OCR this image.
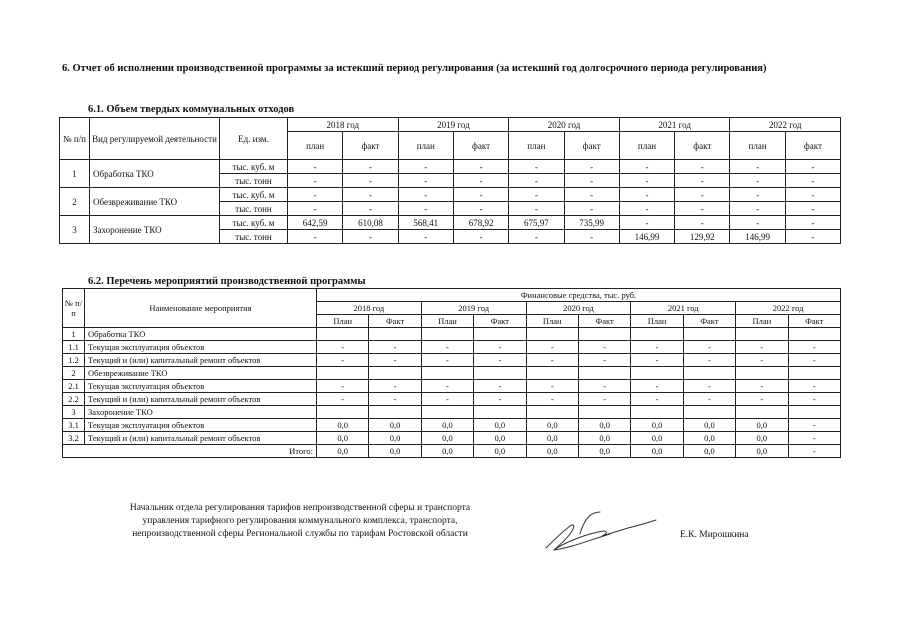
6. Отчет об исполнении производственной программы за истекший период регулирования (за истекший год долгосрочного периода регулирования)
6.1. Объем твердых коммунальных отходов
№ п/п	Вид регулируемой деятельности	Ед. изм.	2018 год		2019 год		2020 год		2021 год		2022 год	
			план	факт	план	факт	план	факт	план	факт	план	факт
1	Обработка ТКО	тыс. куб. м	-	-	-	-	-	-	-	-	-	-
		тыс. тонн	-	-	-	-	-	-	-	-	-	-
2	Обезвреживание ТКО	тыс. куб. м	-	-	-	-	-	-	-	-	-	-
		тыс. тонн	-	-	-	-	-	-	-	-	-	-
3	Захоронение ТКО	тыс. куб. м	642,59	610,08	568,41	678,92	675,97	735,99	-	-	-	-
		тыс. тонн	-	-	-	-	-	-	146,99	129,92	146,99	-
6.2. Перечень мероприятий производственной программы
№ п/п	Наименование мероприятия	Финансовые средства, тыс. руб.									
		2018 год		2019 год		2020 год		2021 год		2022 год	
		План	Факт	План	Факт	План	Факт	План	Факт	План	Факт
1	Обработка ТКО										
1.1	Текущая эксплуатация объектов	-	-	-	-	-	-	-	-	-	-
1.2	Текущий и (или) капитальный ремонт объектов	-	-	-	-	-	-	-	-	-	-
2	Обезвреживание ТКО										
2.1	Текущая эксплуатация объектов	-	-	-	-	-	-	-	-	-	-
2.2	Текущий и (или) капитальный ремонт объектов	-	-	-	-	-	-	-	-	-	-
3	Захоронение ТКО										
3.1	Текущая эксплуатация объектов	0,0	0,0	0,0	0,0	0,0	0,0	0,0	0,0	0,0	-
3.2	Текущий и (или) капитальный ремонт объектов	0,0	0,0	0,0	0,0	0,0	0,0	0,0	0,0	0,0	-
Итого:		0,0	0,0	0,0	0,0	0,0	0,0	0,0	0,0	0,0	-
Начальник отдела регулирования тарифов непроизводственной сферы и транспорта
управления тарифного регулирования коммунального комплекса, транспорта,
непроизводственной сферы Региональной службы по тарифам Ростовской области	Е.К. Мирошкина
